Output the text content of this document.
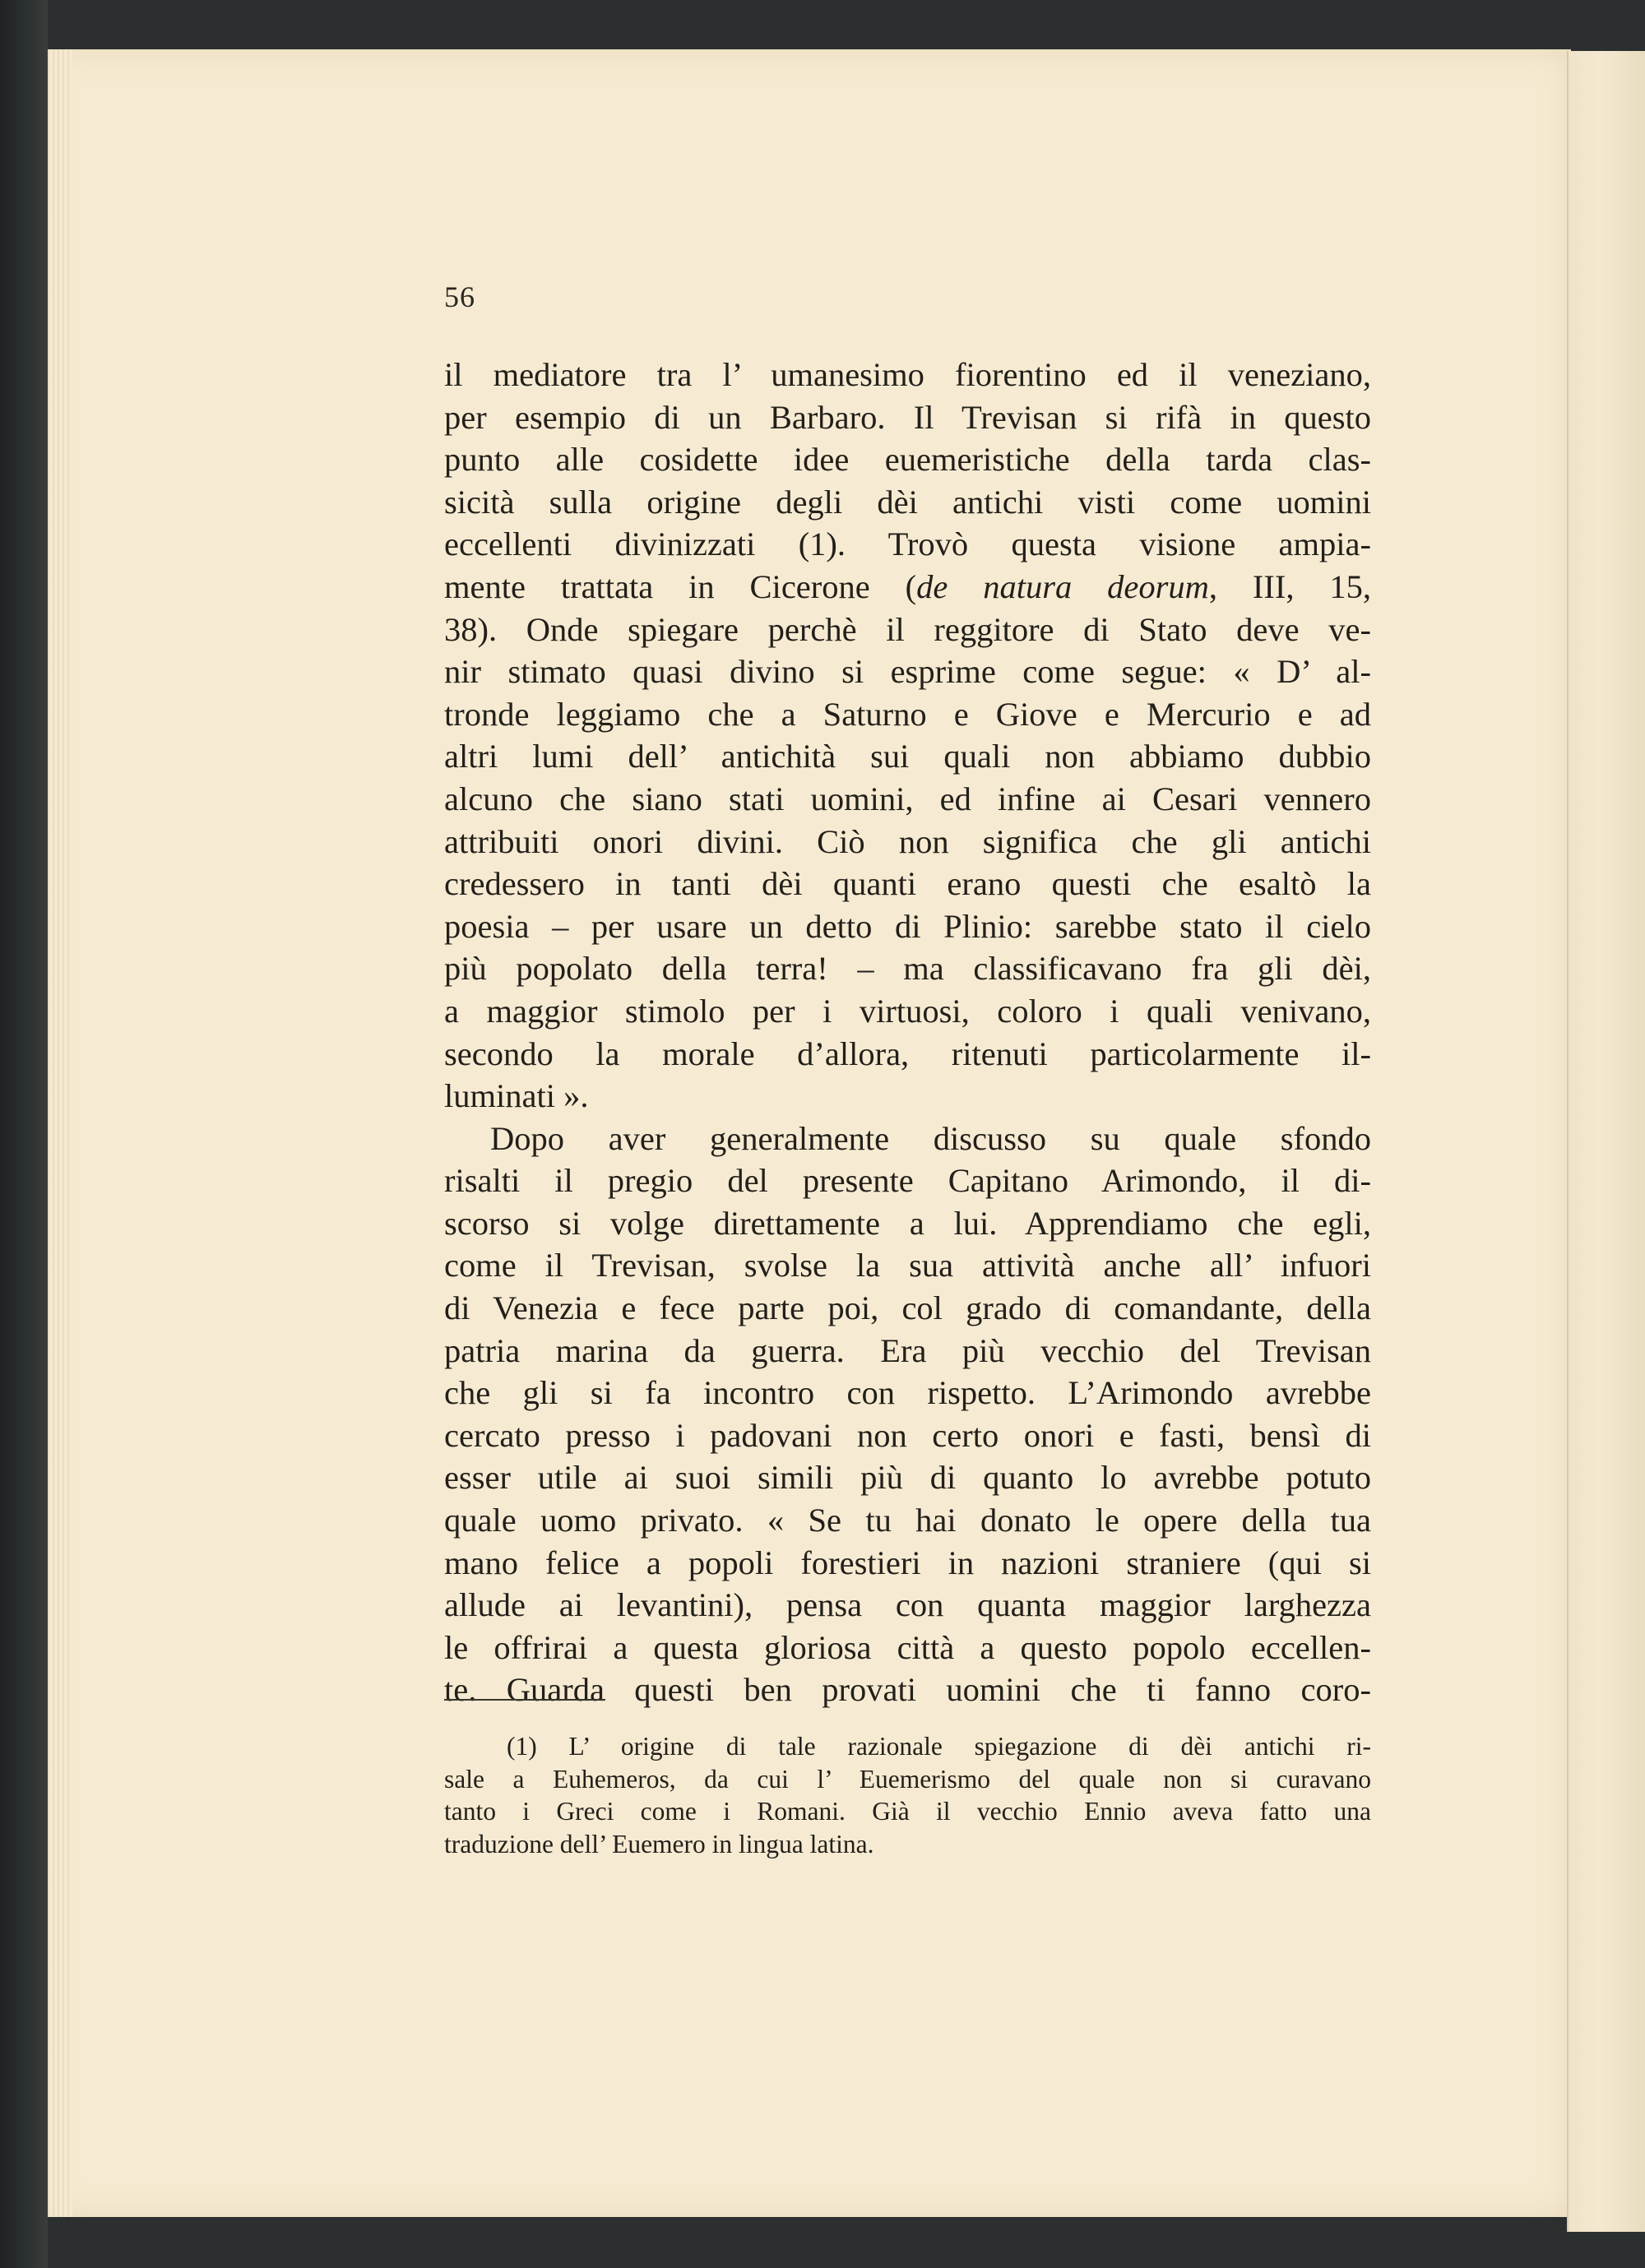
56
il mediatore tra l’ umanesimo fiorentino ed il veneziano,
per esempio di un Barbaro. Il Trevisan si rifà in questo
punto alle cosidette idee euemeristiche della tarda clas-
sicità sulla origine degli dèi antichi visti come uomini
eccellenti divinizzati (1). Trovò questa visione ampia-
mente trattata in Cicerone (de natura deorum, III, 15,
38). Onde spiegare perchè il reggitore di Stato deve ve-
nir stimato quasi divino si esprime come segue: « D’ al-
tronde leggiamo che a Saturno e Giove e Mercurio e ad
altri lumi dell’ antichità sui quali non abbiamo dubbio
alcuno che siano stati uomini, ed infine ai Cesari vennero
attribuiti onori divini. Ciò non significa che gli antichi
credessero in tanti dèi quanti erano questi che esaltò la
poesia – per usare un detto di Plinio: sarebbe stato il cielo
più popolato della terra! – ma classificavano fra gli dèi,
a maggior stimolo per i virtuosi, coloro i quali venivano,
secondo la morale d’allora, ritenuti particolarmente il-
luminati ».
Dopo aver generalmente discusso su quale sfondo
risalti il pregio del presente Capitano Arimondo, il di-
scorso si volge direttamente a lui. Apprendiamo che egli,
come il Trevisan, svolse la sua attività anche all’ infuori
di Venezia e fece parte poi, col grado di comandante, della
patria marina da guerra. Era più vecchio del Trevisan
che gli si fa incontro con rispetto. L’Arimondo avrebbe
cercato presso i padovani non certo onori e fasti, bensì di
esser utile ai suoi simili più di quanto lo avrebbe potuto
quale uomo privato. « Se tu hai donato le opere della tua
mano felice a popoli forestieri in nazioni straniere (qui si
allude ai levantini), pensa con quanta maggior larghezza
le offrirai a questa gloriosa città a questo popolo eccellen-
te. Guarda questi ben provati uomini che ti fanno coro-
(1) L’ origine di tale razionale spiegazione di dèi antichi ri-
sale a Euhemeros, da cui l’ Euemerismo del quale non si curavano
tanto i Greci come i Romani. Già il vecchio Ennio aveva fatto una
traduzione dell’ Euemero in lingua latina.
